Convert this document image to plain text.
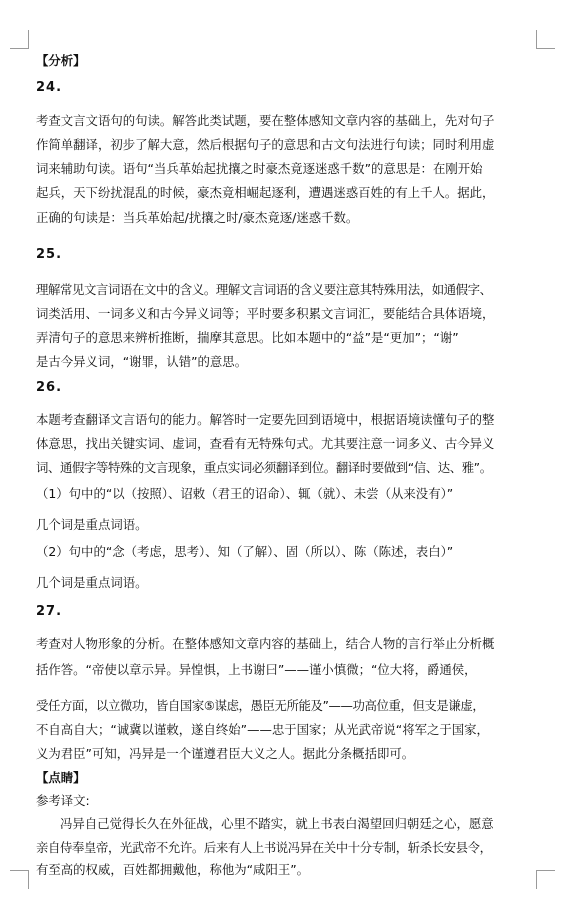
【分析】
24.
考查文言文语句的句读。解答此类试题，要在整体感知文章内容的基础上，先对句子
作简单翻译，初步了解大意，然后根据句子的意思和古文句法进行句读；同时利用虚
词来辅助句读。语句“当兵革始起扰攘之时豪杰竟逐迷惑千数”的意思是：在刚开始
起兵，天下纷扰混乱的时候，豪杰竟相崛起逐利，遭遇迷惑百姓的有上千人。据此，
正确的句读是：当兵革始起/扰攘之时/豪杰竟逐/迷惑千数。
25.
理解常见文言词语在文中的含义。理解文言词语的含义要注意其特殊用法，如通假字、
词类活用、一词多义和古今异义词等；平时要多积累文言词汇，要能结合具体语境，
弄清句子的意思来辨析推断，揣摩其意思。比如本题中的“益”是“更加”；“谢”
是古今异义词，“谢罪，认错”的意思。
26.
本题考查翻译文言语句的能力。解答时一定要先回到语境中，根据语境读懂句子的整
体意思，找出关键实词、虚词，查看有无特殊句式。尤其要注意一词多义、古今异义
词、通假字等特殊的文言现象，重点实词必须翻译到位。翻译时要做到“信、达、雅”。
（1）句中的“以（按照）、诏敕（君王的诏命）、辄（就）、未尝（从来没有）”
几个词是重点词语。
（2）句中的“念（考虑，思考）、知（了解）、固（所以）、陈（陈述，表白）”
几个词是重点词语。
27.
考查对人物形象的分析。在整体感知文章内容的基础上，结合人物的言行举止分析概
括作答。“帝使以章示异。异惶惧，上书谢曰”——谨小慎微；“位大将，爵通侯，
受任方面，以立微功，皆自国家⑤谋虑，愚臣无所能及”——功高位重，但支是谦虚，
不自高自大；“诚冀以谨敕，遂自终始”——忠于国家；从光武帝说“将军之于国家，
义为君臣”可知，冯异是一个谨遵君臣大义之人。据此分条概括即可。
【点睛】
参考译文:
冯异自己觉得长久在外征战，心里不踏实，就上书表白渴望回归朝廷之心，愿意
亲自侍奉皇帝，光武帝不允许。后来有人上书说冯异在关中十分专制，斩杀长安县令，
有至高的权威，百姓都拥戴他，称他为“咸阳王”。
